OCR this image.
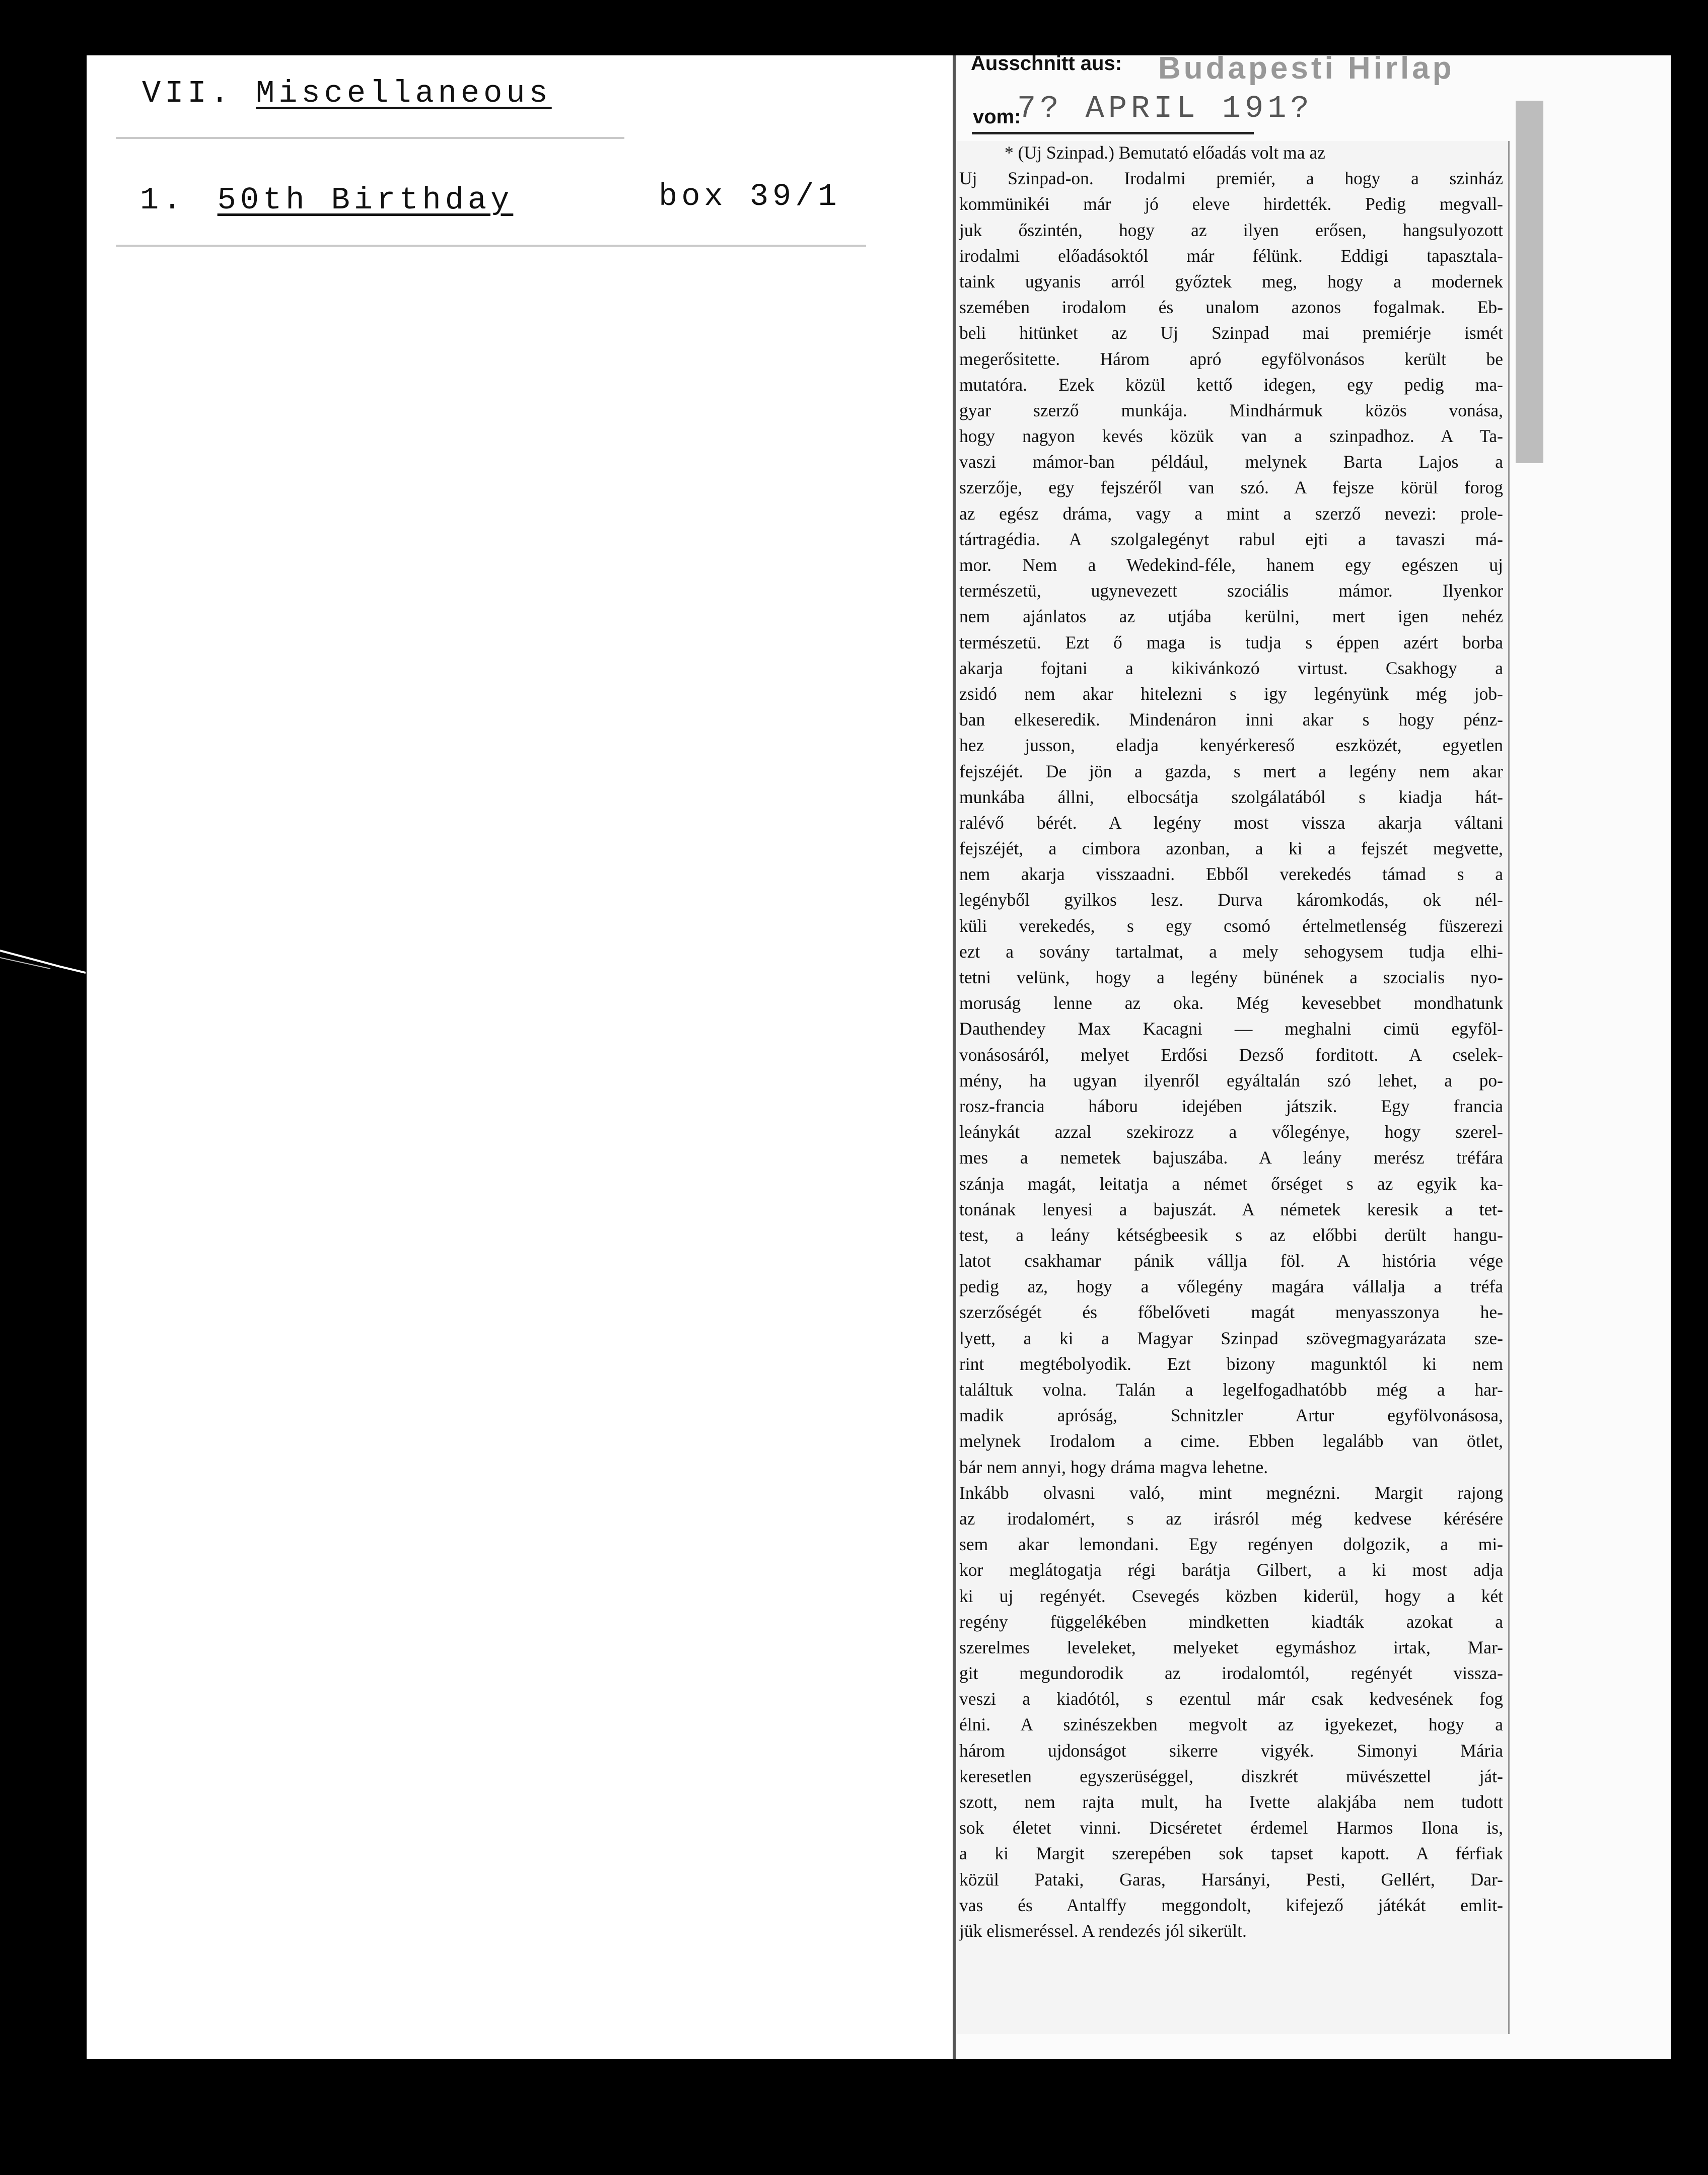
VII. Miscellaneous
1. 50th Birthday	box 39/1
Ausschnitt aus: Budapesti Hirlap
vom:
7? APRIL 191?
* (Uj Szinpad.) Bemutató előadás volt ma az
Uj Szinpad-on. Irodalmi premiér, a hogy a szinház
kommünikéi már jó eleve hirdették. Pedig megvall-
juk őszintén, hogy az ilyen erősen, hangsulyozott
irodalmi előadásoktól már félünk. Eddigi tapasztala-
taink ugyanis arról győztek meg, hogy a modernek
szemében irodalom és unalom azonos fogalmak. Eb-
beli hitünket az Uj Szinpad mai premiérje ismét
megerősitette. Három apró egyfölvonásos került be
mutatóra. Ezek közül kettő idegen, egy pedig ma-
gyar szerző munkája. Mindhármuk közös vonása,
hogy nagyon kevés közük van a szinpadhoz. A Ta-
vaszi mámor-ban például, melynek Barta Lajos a
szerzője, egy fejszéről van szó. A fejsze körül forog
az egész dráma, vagy a mint a szerző nevezi: prole-
tártragédia. A szolgalegényt rabul ejti a tavaszi má-
mor. Nem a Wedekind-féle, hanem egy egészen uj
természetü, ugynevezett szociális mámor. Ilyenkor
nem ajánlatos az utjába kerülni, mert igen nehéz
természetü. Ezt ő maga is tudja s éppen azért borba
akarja fojtani a kikivánkozó virtust. Csakhogy a
zsidó nem akar hitelezni s igy legényünk még job-
ban elkeseredik. Mindenáron inni akar s hogy pénz-
hez jusson, eladja kenyérkereső eszközét, egyetlen
fejszéjét. De jön a gazda, s mert a legény nem akar
munkába állni, elbocsátja szolgálatából s kiadja hát-
ralévő bérét. A legény most vissza akarja váltani
fejszéjét, a cimbora azonban, a ki a fejszét megvette,
nem akarja visszaadni. Ebből verekedés támad s a
legényből gyilkos lesz. Durva káromkodás, ok nél-
küli verekedés, s egy csomó értelmetlenség füszerezi
ezt a sovány tartalmat, a mely sehogysem tudja elhi-
tetni velünk, hogy a legény bünének a szocialis nyo-
moruság lenne az oka. Még kevesebbet mondhatunk
Dauthendey Max Kacagni — meghalni cimü egyföl-
vonásosáról, melyet Erdősi Dezső forditott. A cselek-
mény, ha ugyan ilyenről egyáltalán szó lehet, a po-
rosz-francia háboru idejében játszik. Egy francia
leánykát azzal szekirozz a vőlegénye, hogy szerel-
mes a nemetek bajuszába. A leány merész tréfára
szánja magát, leitatja a német őrséget s az egyik ka-
tonának lenyesi a bajuszát. A németek keresik a tet-
test, a leány kétségbeesik s az előbbi derült hangu-
latot csakhamar pánik vállja föl. A história vége
pedig az, hogy a vőlegény magára vállalja a tréfa
szerzőségét és főbelőveti magát menyasszonya he-
lyett, a ki a Magyar Szinpad szövegmagyarázata sze-
rint megtébolyodik. Ezt bizony magunktól ki nem
találtuk volna. Talán a legelfogadhatóbb még a har-
madik apróság, Schnitzler Artur egyfölvonásosa,
melynek Irodalom a cime. Ebben legalább van ötlet,
bár nem annyi, hogy dráma magva lehetne.
Inkább olvasni való, mint megnézni. Margit rajong
az irodalomért, s az irásról még kedvese kérésére
sem akar lemondani. Egy regényen dolgozik, a mi-
kor meglátogatja régi barátja Gilbert, a ki most adja
ki uj regényét. Csevegés közben kiderül, hogy a két
regény függelékében mindketten kiadták azokat a
szerelmes leveleket, melyeket egymáshoz irtak, Mar-
git megundorodik az irodalomtól, regényét vissza-
veszi a kiadótól, s ezentul már csak kedvesének fog
élni. A szinészekben megvolt az igyekezet, hogy a
három ujdonságot sikerre vigyék. Simonyi Mária
keresetlen egyszerüséggel, diszkrét müvészettel ját-
szott, nem rajta mult, ha Ivette alakjába nem tudott
sok életet vinni. Dicséretet érdemel Harmos Ilona is,
a ki Margit szerepében sok tapset kapott. A férfiak
közül Pataki, Garas, Harsányi, Pesti, Gellért, Dar-
vas és Antalffy meggondolt, kifejező játékát emlit-
jük elismeréssel. A rendezés jól sikerült.
